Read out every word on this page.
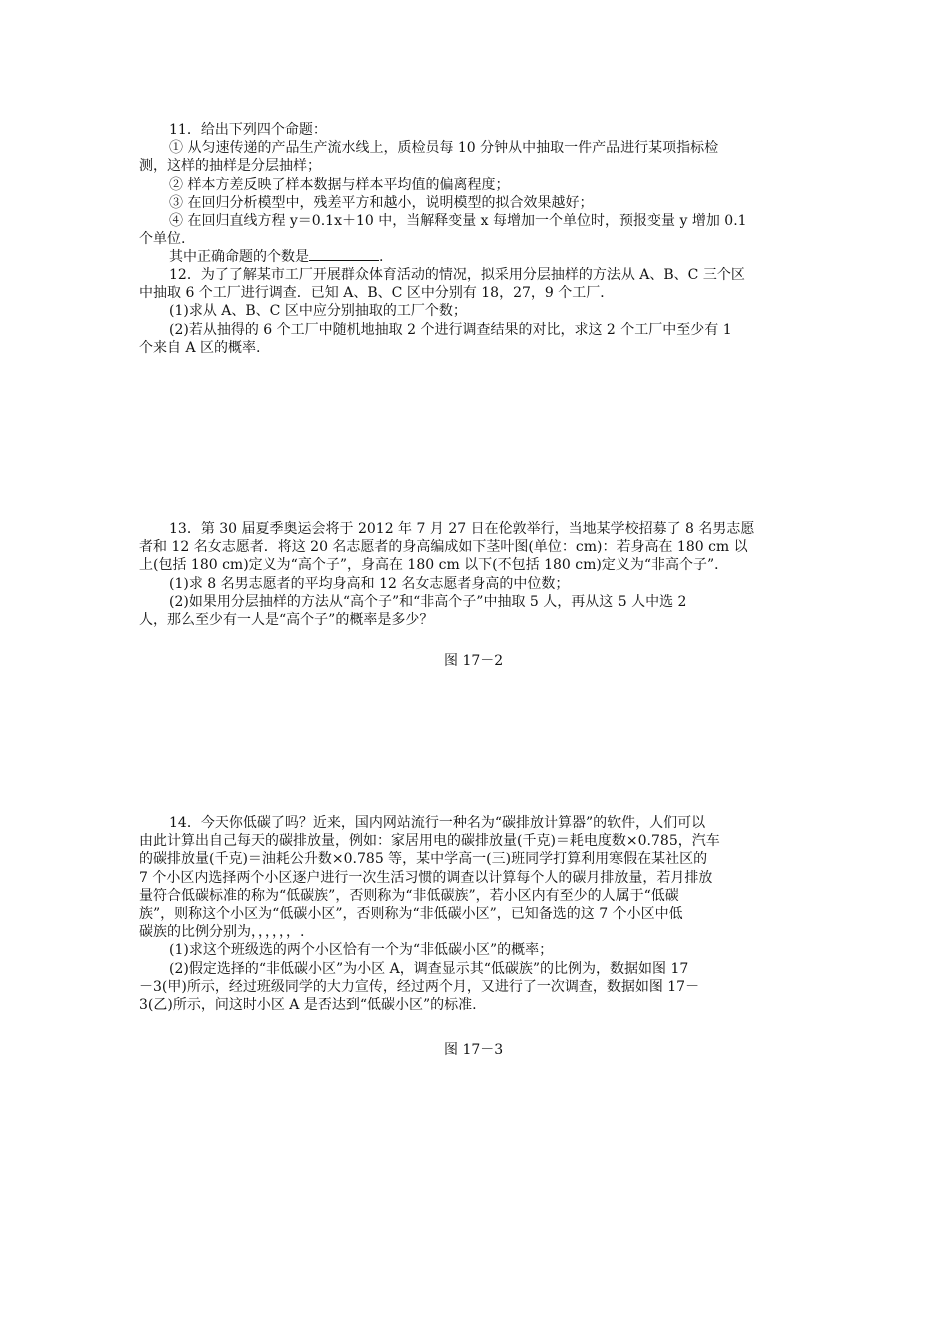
11．给出下列四个命题：
① 从匀速传递的产品生产流水线上，质检员每 10 分钟从中抽取一件产品进行某项指标检
测，这样的抽样是分层抽样；
② 样本方差反映了样本数据与样本平均值的偏离程度；
③ 在回归分析模型中，残差平方和越小，说明模型的拟合效果越好；
④ 在回归直线方程 y＝0.1x＋10 中，当解释变量 x 每增加一个单位时，预报变量 y 增加 0.1
个单位.
其中正确命题的个数是	.
12．为了了解某市工厂开展群众体育活动的情况，拟采用分层抽样的方法从 A、B、C 三个区
中抽取 6 个工厂进行调查．已知 A、B、C 区中分别有 18，27，9 个工厂．
(1)求从 A、B、C 区中应分别抽取的工厂个数；
(2)若从抽得的 6 个工厂中随机地抽取 2 个进行调查结果的对比，求这 2 个工厂中至少有 1
个来自 A 区的概率.
13．第 30 届夏季奥运会将于 2012 年 7 月 27 日在伦敦举行，当地某学校招募了 8 名男志愿
者和 12 名女志愿者．将这 20 名志愿者的身高编成如下茎叶图(单位：cm)：若身高在 180 cm 以
上(包括 180 cm)定义为“高个子”，身高在 180 cm 以下(不包括 180 cm)定义为“非高个子”．
(1)求 8 名男志愿者的平均身高和 12 名女志愿者身高的中位数；
(2)如果用分层抽样的方法从“高个子”和“非高个子”中抽取 5 人，再从这 5 人中选 2
人，那么至少有一人是“高个子”的概率是多少？
图 17－2
14．今天你低碳了吗？近来，国内网站流行一种名为“碳排放计算器”的软件，人们可以
由此计算出自己每天的碳排放量，例如：家居用电的碳排放量(千克)＝耗电度数×0.785，汽车
的碳排放量(千克)＝油耗公升数×0.785 等，某中学高一(三)班同学打算利用寒假在某社区的
7 个小区内选择两个小区逐户进行一次生活习惯的调查以计算每个人的碳月排放量，若月排放
量符合低碳标准的称为“低碳族”，否则称为“非低碳族”，若小区内有至少的人属于“低碳
族”，则称这个小区为“低碳小区”，否则称为“非低碳小区”，已知备选的这 7 个小区中低
碳族的比例分别为，，，，，，.
(1)求这个班级选的两个小区恰有一个为“非低碳小区”的概率；
(2)假定选择的“非低碳小区”为小区 A，调查显示其“低碳族”的比例为，数据如图 17
－3(甲)所示，经过班级同学的大力宣传，经过两个月，又进行了一次调查，数据如图 17－
3(乙)所示，问这时小区 A 是否达到“低碳小区”的标准.
图 17－3
